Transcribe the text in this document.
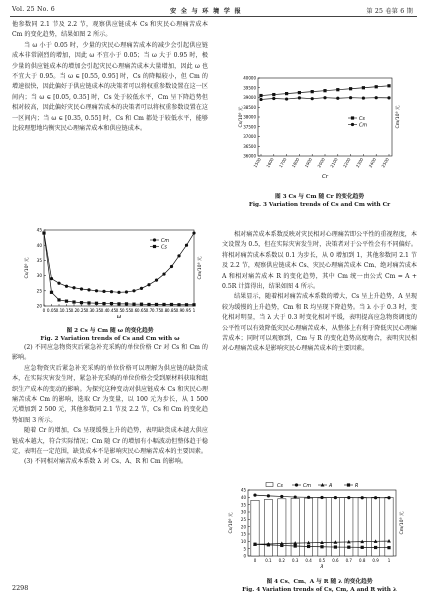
Vol. 25 No. 6	安 全 与 环 境 学 报	第 25 卷第 6 期

他参数同 2.1 节及 2.2 节，观察供应链成本 Cs 和灾民心理痛苦成本 Cm 的变化趋势，结果如图 2 所示。

当 ω 小于 0.05 时，少量的灾民心理痛苦成本的减少会引起供应链成本非常剧烈的增加，因此 ω 不宜小于 0.05；当 ω 大于 0.95 时，极少量的供应链成本的增加会引起灾民心理痛苦成本大量增加，因此 ω 也不宜大于 0.95。当 ω ∈ [0.55, 0.95] 时，Cs 的降幅较小，但 Cm 的增速很快，因此偏好于供应链成本的决策者可以将权重参数设置在这一区间内；当 ω ∈ [0.05, 0.35] 时，Cs 处于较低水平，Cm 呈下降趋势但相对较高，因此偏好灾民心理痛苦成本的决策者可以将权重参数设置在这一区间内；当 ω ∈ [0.35, 0.55] 时，Cs 和 Cm 都处于较低水平，能够比较理想地均衡灾民心理痛苦成本和供应链成本。

20
25
30
35
40
45
0 0.05 0.1 0.15 0.2 0.25 0.3 0.35 0.4 0.45 0.5 0.55 0.6 0.65 0.7 0.75 0.8 0.85 0.9 0.95 1
ω
Cs/10⁶ 元	Cm/10⁶ 元
Cm
Cs
图 2 Cs 与 Cm 随 ω 的变化趋势
Fig. 2 Variation trends of Cs and Cm with ω

(2) 不同应急物资灾后紧急补充采购的单位价格 Cr 对 Cs 和 Cm 的影响。

应急物资灾后紧急补充采购的单位价格可以理解为供应链的缺货成本，在实际灾害发生时，紧急补充采购的单位价格会受到原材料获取和组织生产成本的变动的影响。为探究这种变动对供应链成本 Cs 和灾民心理痛苦成本 Cm 的影响，选取 Cr 为变量，以 100 元为步长，从 1 500 元增加到 2 500 元，其他参数同 2.1 节及 2.2 节，Cs 和 Cm 的变化趋势如图 3 所示。

随着 Cr 的增加，Cs 呈现缓慢上升的趋势，表明缺货成本越大供应链成本越大，符合实际情况；Cm 随 Cr 的增加有小幅波动但整体趋于稳定，表明在一定范围，缺货成本不是影响灾民心理痛苦成本的主要因素。

(3) 不同相对痛苦成本系数 λ 对 Cs、A、R 和 Cm 的影响。

2298
36000
36500
37000
37500
38000
38500
39000
39500
40000
1500 1600 1700 1800 1900 2000 2100 2200 2300 2400 2500
Cr
Cs/10⁶ 元	Cm/10⁶ 元
Cs
Cm
图 3 Cs 与 Cm 随 Cr 的变化趋势
Fig. 3 Variation trends of Cs and Cm with Cr

相对痛苦成本系数反映对灾民相对心理痛苦即公平性的重视程度，本文设置为 0.5，但在实际灾害发生时，决策者对于公平性会有不同偏好。将相对痛苦成本系数以 0.1 为步长，从 0 增加到 1，其他参数同 2.1 节及 2.2 节，观察供应链成本 Cs、灾民心理痛苦成本 Cm、绝对痛苦成本 A 和相对痛苦成本 R 的变化趋势，其中 Cm 统一由公式 Cm = A + 0.5R 计算得出，结果如图 4 所示。

结果显示，随着相对痛苦成本系数的增大，Cs 呈上升趋势，A 呈现较为缓慢的上升趋势，Cm 和 R 均呈现下降趋势。当 λ 小于 0.3 时，变化相对明显，当 λ 大于 0.3 时变化相对平缓，表明提高应急物资调度的公平性可以有效降低灾民心理痛苦成本，从整体上有利于降低灾民心理痛苦成本；同时可以观察到，Cm 与 R 的变化趋势高度吻合，表明灾民相对心理痛苦成本是影响灾民心理痛苦成本的主要因素。

0
5
10
15
20
25
30
35
40
45
0 0.1 0.2 0.3 0.4 0.5 0.6 0.7 0.8 0.9 1
λ
Cs/10⁶ 元	Cm/10⁶ 元
Cs	Cm	A	R
图 4 Cs、Cm、A 与 R 随 λ 的变化趋势
Fig. 4 Variation trends of Cs, Cm, A and R with λ
